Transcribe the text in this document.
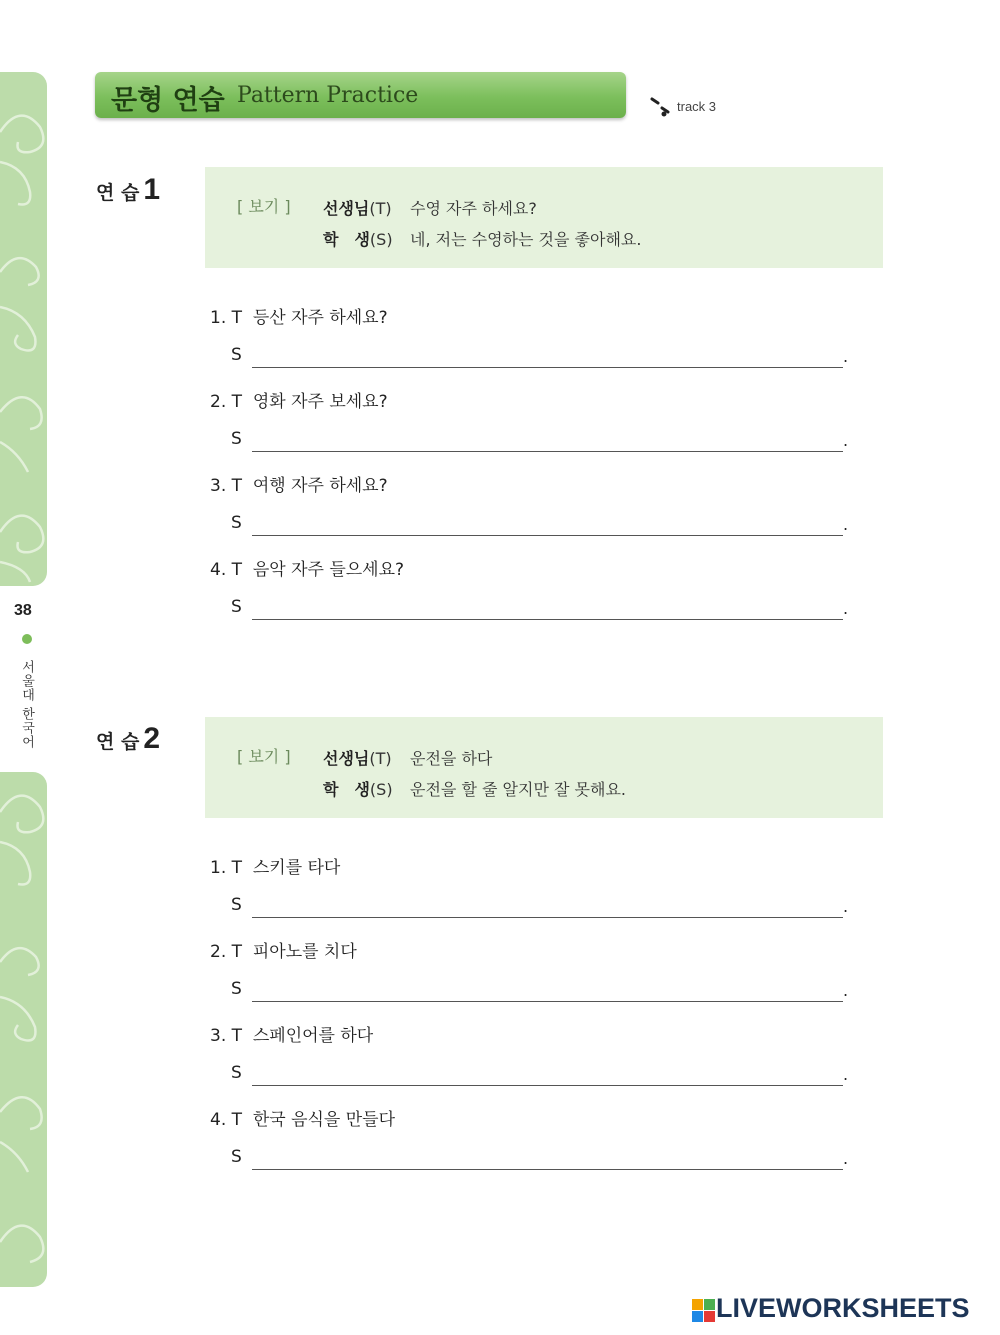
38
서울대 한국어
문형 연습 Pattern Practice	track 3
연 습 1
[ 보기 ] 선생님(T) 수영 자주 하세요?
학　생(S) 네, 저는 수영하는 것을 좋아해요.
1. T 등산 자주 하세요?
S	.
2. T 영화 자주 보세요?
S	.
3. T 여행 자주 하세요?
S	.
4. T 음악 자주 들으세요?
S	.
연 습 2
[ 보기 ] 선생님(T) 운전을 하다
학　생(S) 운전을 할 줄 알지만 잘 못해요.
1. T 스키를 타다
S	.
2. T 피아노를 치다
S	.
3. T 스페인어를 하다
S	.
4. T 한국 음식을 만들다
S	.
LIVEWORKSHEETS
